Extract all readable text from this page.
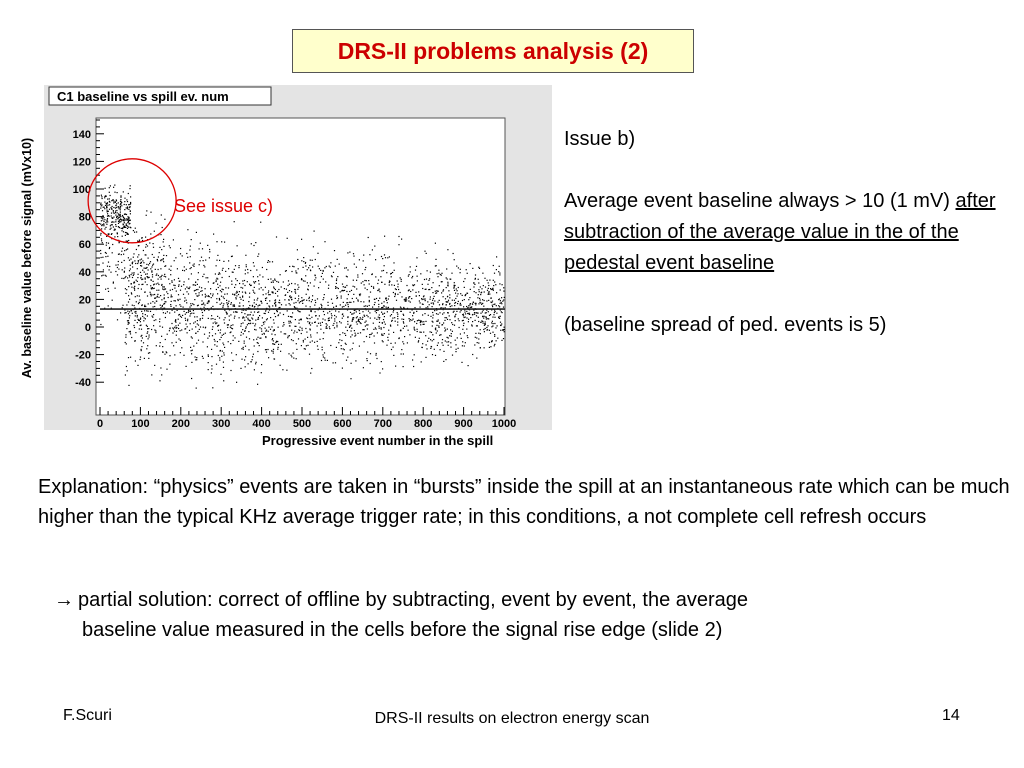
DRS-II problems analysis (2)
-40
-20
0
20
40
60
80
100
120
140
0	100 200 300 400 500 600 700 800 900 1000
See issue c)
C1 baseline vs spill ev. num
Av. baseline value before signal (mVx10)
Progressive event number in the spill

Issue b)

Average event baseline always > 10 (1 mV) after subtraction of the average value in the of the pedestal event baseline

(baseline spread of ped. events is 5)

Explanation: “physics” events are taken in “bursts” inside the spill at an instantaneous rate which can be much higher than the typical KHz average trigger rate; in this conditions, a not complete cell refresh occurs
→ partial solution: correct of offline by subtracting, event by event, the average
baseline value measured in the cells before the signal rise edge (slide 2)
F.Scuri	DRS-II results on electron energy scan	14
